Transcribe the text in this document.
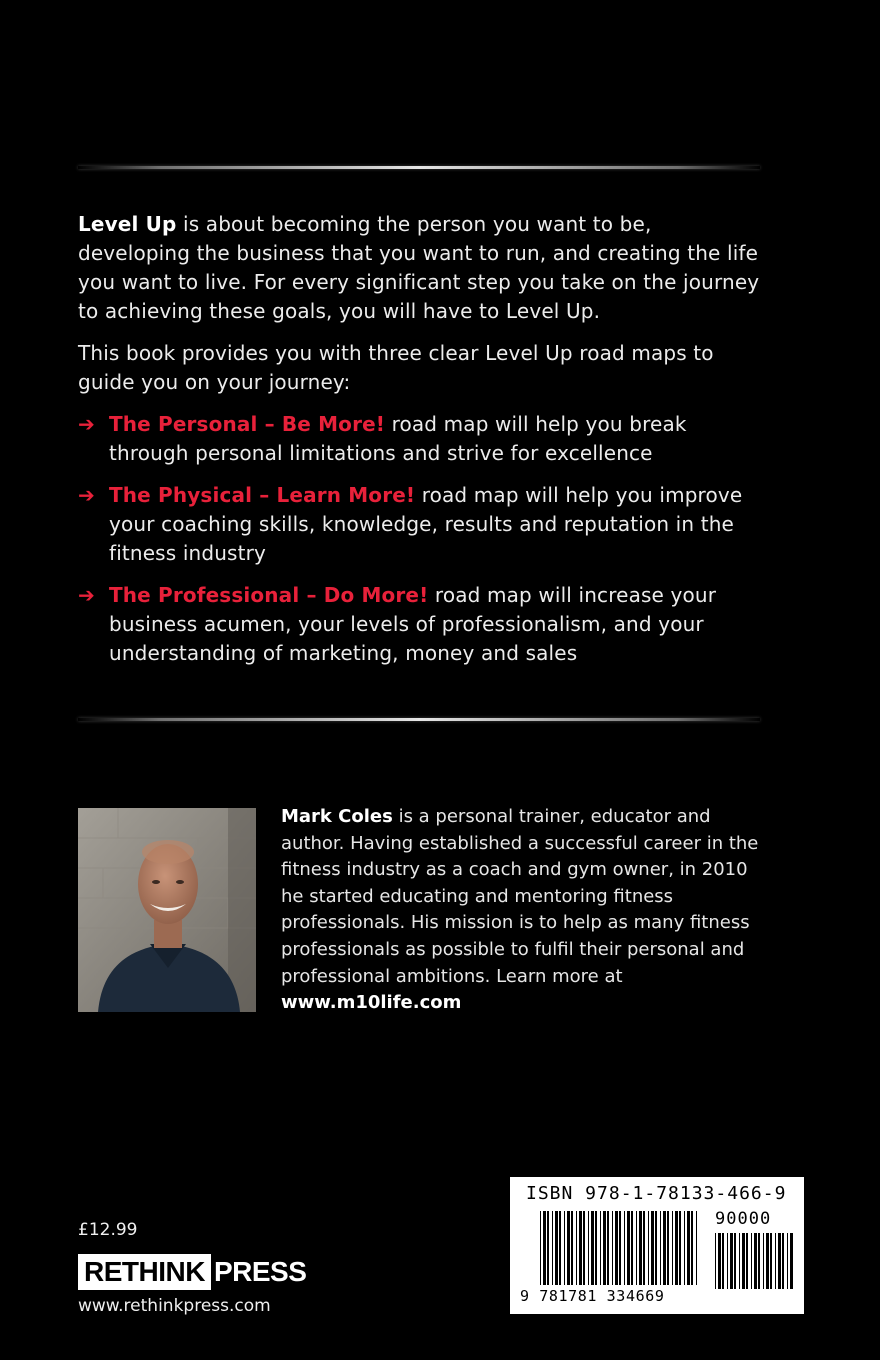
Level Up is about becoming the person you want to be, developing the business that you want to run, and creating the life you want to live. For every significant step you take on the journey to achieving these goals, you will have to Level Up.

This book provides you with three clear Level Up road maps to guide you on your journey:

➔ The Personal – Be More! road map will help you break through personal limitations and strive for excellence
➔ The Physical – Learn More! road map will help you improve your coaching skills, knowledge, results and reputation in the fitness industry
➔ The Professional – Do More! road map will increase your business acumen, your levels of professionalism, and your understanding of marketing, money and sales
Mark Coles is a personal trainer, educator and author. Having established a successful career in the fitness industry as a coach and gym owner, in 2010 he started educating and mentoring fitness professionals. His mission is to help as many fitness professionals as possible to fulfil their personal and professional ambitions. Learn more at www.m10life.com
£12.99
RETHINK PRESS
www.rethinkpress.com
ISBN 978-1-78133-466-9
90000
9 781781 334669
